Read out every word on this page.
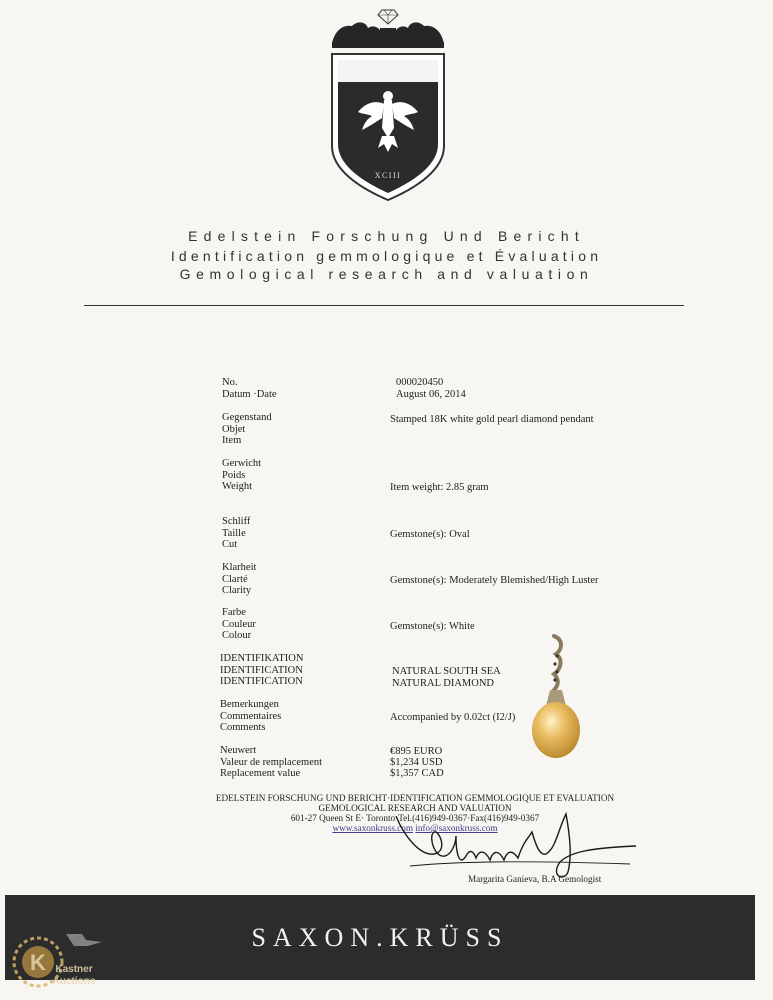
XCIII
Edelstein Forschung Und Bericht
Identification gemmologique et Évaluation
Gemological research and valuation
No.
Datum ·Date
000020450
August 06, 2014
Gegenstand
Objet
Item
Stamped 18K white gold pearl diamond pendant
Gerwicht
Poids
Weight	Item weight: 2.85 gram
Schliff
Taille
Cut
Gemstone(s): Oval
Klarheit
Clarté
Clarity
Gemstone(s): Moderately Blemished/High Luster
Farbe
Couleur
Colour
Gemstone(s): White
IDENTIFIKATION
IDENTIFICATION
IDENTIFICATION
NATURAL SOUTH SEA
NATURAL DIAMOND
Bemerkungen
Commentaires
Comments
Accompanied by 0.02ct (I2/J)
Neuwert
Valeur de remplacement
Replacement value
€895 EURO
$1,234 USD
$1,357 CAD
EDELSTEIN FORSCHUNG UND BERICHT·IDENTIFICATION GEMMOLOGIQUE ET EVALUATION
GEMOLOGICAL RESEARCH AND VALUATION
601-27 Queen St E· Toronto·Tel.(416)949-0367·Fax(416)949-0367
www.saxonkruss.com info@saxonkruss.com
Margarita Ganieva, B.A Gemologist
SAXON.KRÜSS
K Kastner
Auctions
